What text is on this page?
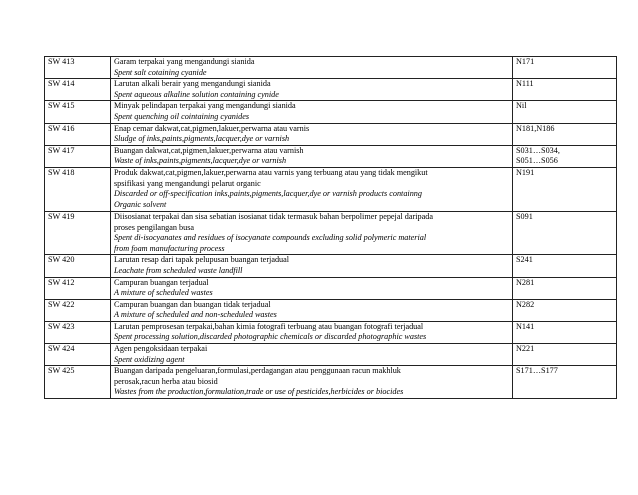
SW 413	Garam terpakai yang mengandungi sianida
Spent salt cotaining cyanide	N171

SW 414	Larutan alkali berair yang mengandungi sianida
Spent aqueous alkaline solution containing cynide	N111

SW 415	Minyak pelindapan terpakai yang mengandungi sianida
Spent quenching oil cointaining cyanides	Nil

SW 416	Enap cemar dakwat,cat,pigmen,lakuer,perwarna atau varnis
Sludge of inks,paints,pigments,lacquer,dye or varnish	N181,N186

SW 417	Buangan dakwat,cat,pigmen,lakuer,perwarna atau varnish
Waste of inks,paints,pigments,lacquer,dye or varnish	S031…S034,
S051…S056

SW 418	Produk dakwat,cat,pigmen,lakuer,perwarna atau varnis yang terbuang atau yang tidak mengikut
spsifikasi yang mengandungi pelarut organic
Discarded or off-specification inks,paints,pigments,lacquer,dye or varnish products containng
Organic solvent	N191

SW 419	Diisosianat terpakai dan sisa sebatian isosianat tidak termasuk bahan berpolimer pepejal daripada
proses pengilangan busa
Spent di-isocyanates and residues of isocyanate compounds excluding solid polymeric material
from foam manufacturing process	S091

SW 420	Larutan resap dari tapak pelupusan buangan terjadual
Leachate from scheduled waste landfill	S241

SW 412	Campuran buangan terjadual
A mixture of scheduled wastes	N281

SW 422	Campuran buangan dan buangan tidak terjadual
A mixture of scheduled and non-scheduled wastes	N282

SW 423	Larutan pemprosesan terpakai,bahan kimia fotografi terbuang atau buangan fotografi terjadual
Spent processing solution,discarded photographic chemicals or discarded photographic wastes	N141

SW 424	Agen pengoksidaan terpakai
Spent oxidizing agent	N221

SW 425	Buangan daripada pengeluaran,formulasi,perdagangan atau penggunaan racun makhluk
perosak,racun herba atau biosid
Wastes from the production,formulation,trade or use of pesticides,herbicides or biocides	S171…S177
